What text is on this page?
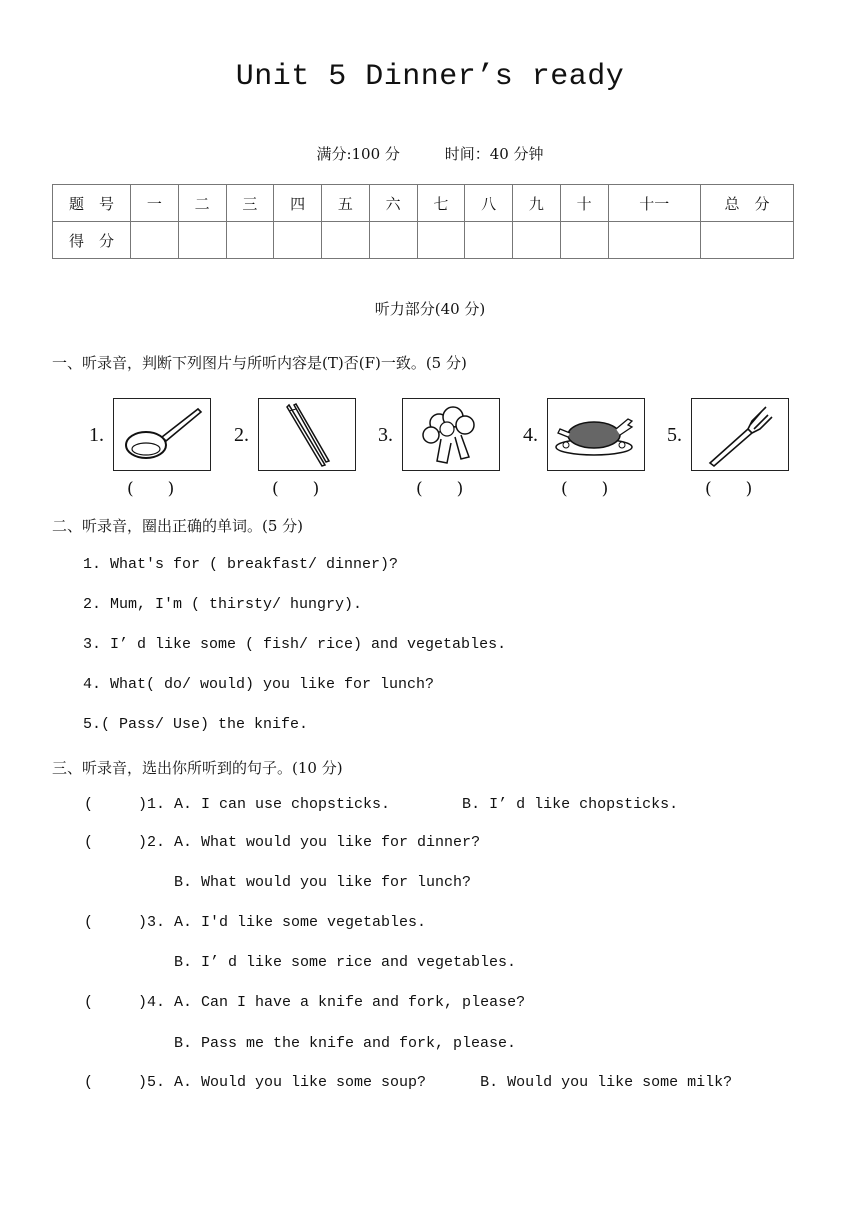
Unit 5 Dinner’s ready
满分:100 分	时间：40 分钟
题　号	一	二	三	四	五	六	七	八	九	十	十一	总　分
得　分												
听力部分(40 分)
一、听录音，判断下列图片与所听内容是(T)否(F)一致。(5 分)
1.
(　　)
2.
(　　)
3.
(　　)
4.
(　　)
5.
(　　)
二、听录音，圈出正确的单词。(5 分)
1. What's for ( breakfast/ dinner)?
2. Mum, I'm ( thirsty/ hungry).
3. I’ d like some ( fish/ rice) and vegetables.
4. What( do/ would) you like for lunch?
5.( Pass/ Use) the knife.
三、听录音，选出你所听到的句子。(10 分)
(     )1. A. I can use chopsticks.        B. I’ d like chopsticks.
(     )2. A. What would you like for dinner?
B. What would you like for lunch?
(     )3. A. I'd like some vegetables.
B. I’ d like some rice and vegetables.
(     )4. A. Can I have a knife and fork, please?
B. Pass me the knife and fork, please.
(     )5. A. Would you like some soup?      B. Would you like some milk?
